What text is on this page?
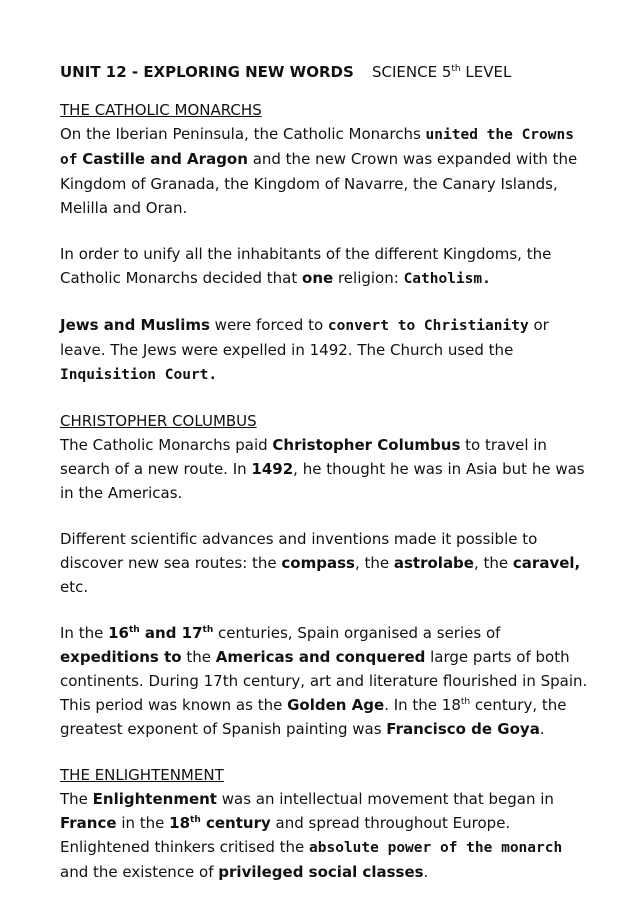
UNIT 12 - EXPLORING NEW WORDS SCIENCE 5th LEVEL
THE CATHOLIC MONARCHS

On the Iberian Peninsula, the Catholic Monarchs united the Crowns of Castille and Aragon and the new Crown was expanded with the Kingdom of Granada, the Kingdom of Navarre, the Canary Islands, Melilla and Oran.

In order to unify all the inhabitants of the different Kingdoms, the Catholic Monarchs decided that one religion: Catholism.

Jews and Muslims were forced to convert to Christianity or leave. The Jews were expelled in 1492. The Church used the Inquisition Court.

CHRISTOPHER COLUMBUS

The Catholic Monarchs paid Christopher Columbus to travel in search of a new route. In 1492, he thought he was in Asia but he was in the Americas.

Different scientific advances and inventions made it possible to discover new sea routes: the compass, the astrolabe, the caravel, etc.

In the 16th and 17th centuries, Spain organised a series of expeditions to the Americas and conquered large parts of both continents. During 17th century, art and literature flourished in Spain. This period was known as the Golden Age. In the 18th century, the greatest exponent of Spanish painting was Francisco de Goya.

THE ENLIGHTENMENT

The Enlightenment was an intellectual movement that began in France in the 18th century and spread throughout Europe. Enlightened thinkers critised the absolute power of the monarch and the existence of privileged social classes.
